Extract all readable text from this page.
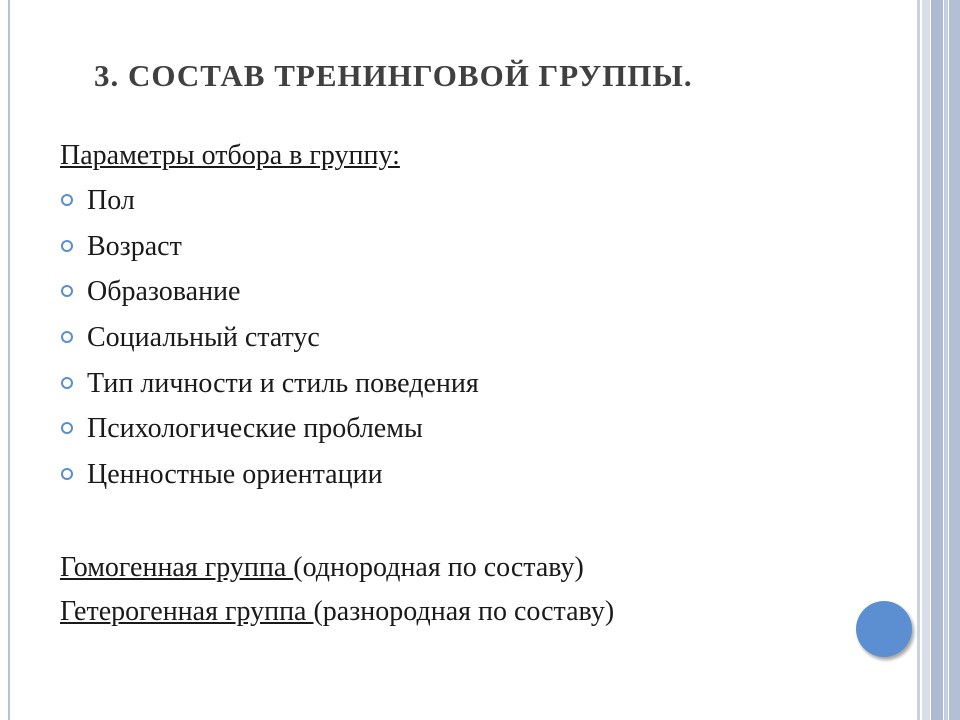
3. СОСТАВ ТРЕНИНГОВОЙ ГРУППЫ.

Параметры отбора в группу:

Пол
Возраст
Образование
Социальный статус
Тип личности и стиль поведения
Психологические проблемы
Ценностные ориентации
Гомогенная группа (однородная по составу)
Гетерогенная группа (разнородная по составу)
